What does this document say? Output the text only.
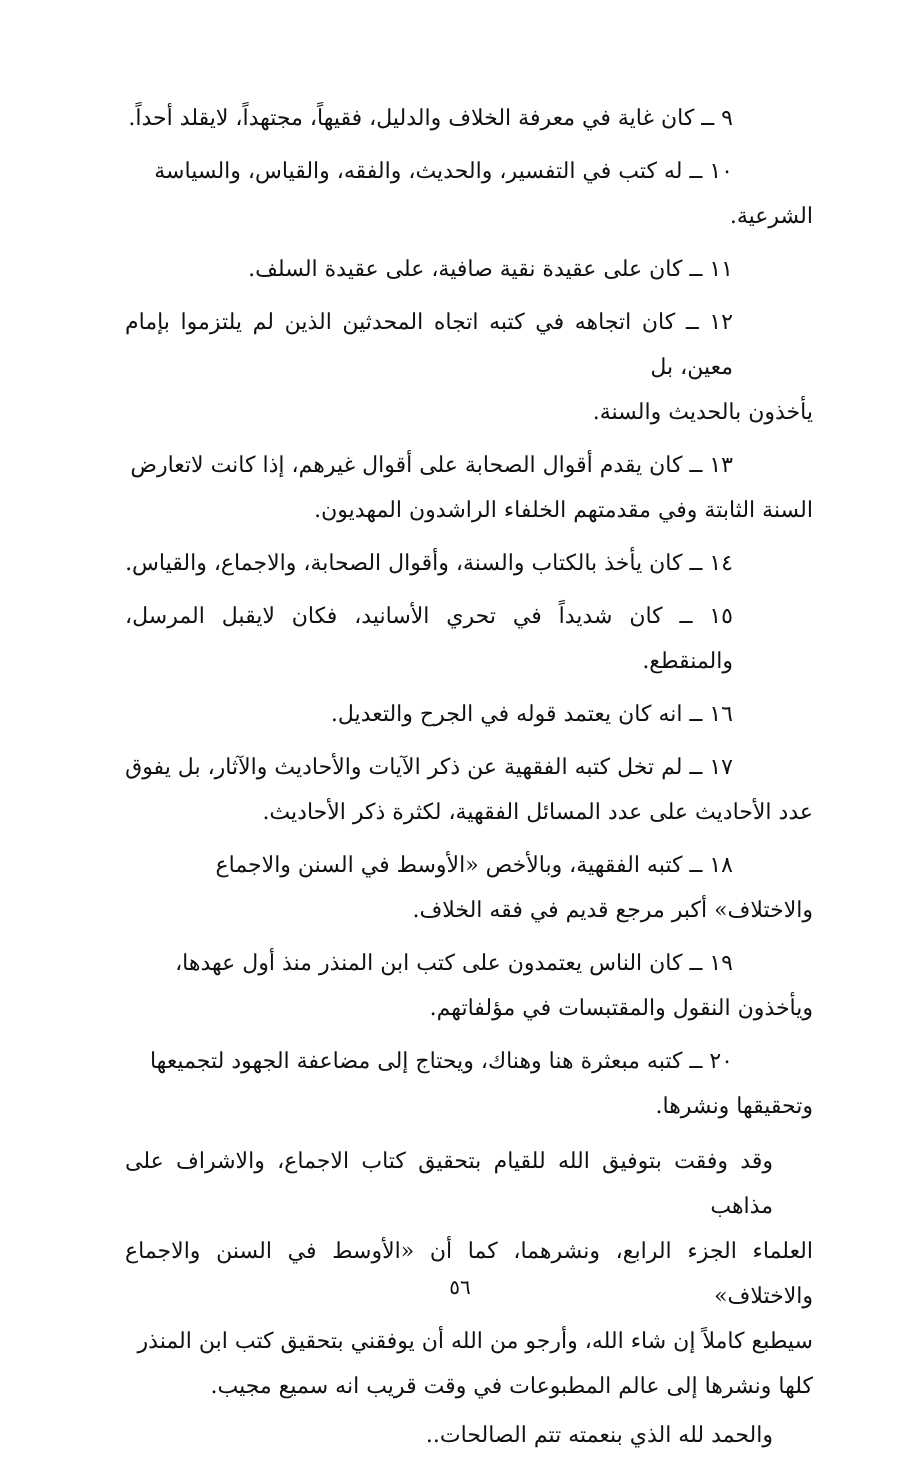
٩ ــ كان غاية في معرفة الخلاف والدليل، فقيهاً، مجتهداً، لايقلد أحداً.
١٠ ــ له كتب في التفسير، والحديث، والفقه، والقياس، والسياسة
الشرعية.
١١ ــ كان على عقيدة نقية صافية، على عقيدة السلف.
١٢ ــ كان اتجاهه في كتبه اتجاه المحدثين الذين لم يلتزموا بإمام معين، بل
يأخذون بالحديث والسنة.
١٣ ــ كان يقدم أقوال الصحابة على أقوال غيرهم، إذا كانت لاتعارض
السنة الثابتة وفي مقدمتهم الخلفاء الراشدون المهديون.
١٤ ــ كان يأخذ بالكتاب والسنة، وأقوال الصحابة، والاجماع، والقياس.
١٥ ــ كان شديداً في تحري الأسانيد، فكان لايقبل المرسل، والمنقطع.
١٦ ــ انه كان يعتمد قوله في الجرح والتعديل.
١٧ ــ لم تخل كتبه الفقهية عن ذكر الآيات والأحاديث والآثار، بل يفوق
عدد الأحاديث على عدد المسائل الفقهية، لكثرة ذكر الأحاديث.
١٨ ــ كتبه الفقهية، وبالأخص «الأوسط في السنن والاجماع
والاختلاف» أكبر مرجع قديم في فقه الخلاف.
١٩ ــ كان الناس يعتمدون على كتب ابن المنذر منذ أول عهدها،
ويأخذون النقول والمقتبسات في مؤلفاتهم.
٢٠ ــ كتبه مبعثرة هنا وهناك، ويحتاج إلى مضاعفة الجهود لتجميعها
وتحقيقها ونشرها.
وقد وفقت بتوفيق الله للقيام بتحقيق كتاب الاجماع، والاشراف على مذاهب
العلماء الجزء الرابع، ونشرهما، كما أن «الأوسط في السنن والاجماع والاختلاف»
سيطبع كاملاً إن شاء الله، وأرجو من الله أن يوفقني بتحقيق كتب ابن المنذر
كلها ونشرها إلى عالم المطبوعات في وقت قريب انه سميع مجيب.
والحمد لله الذي بنعمته تتم الصالحات..
٥٦
